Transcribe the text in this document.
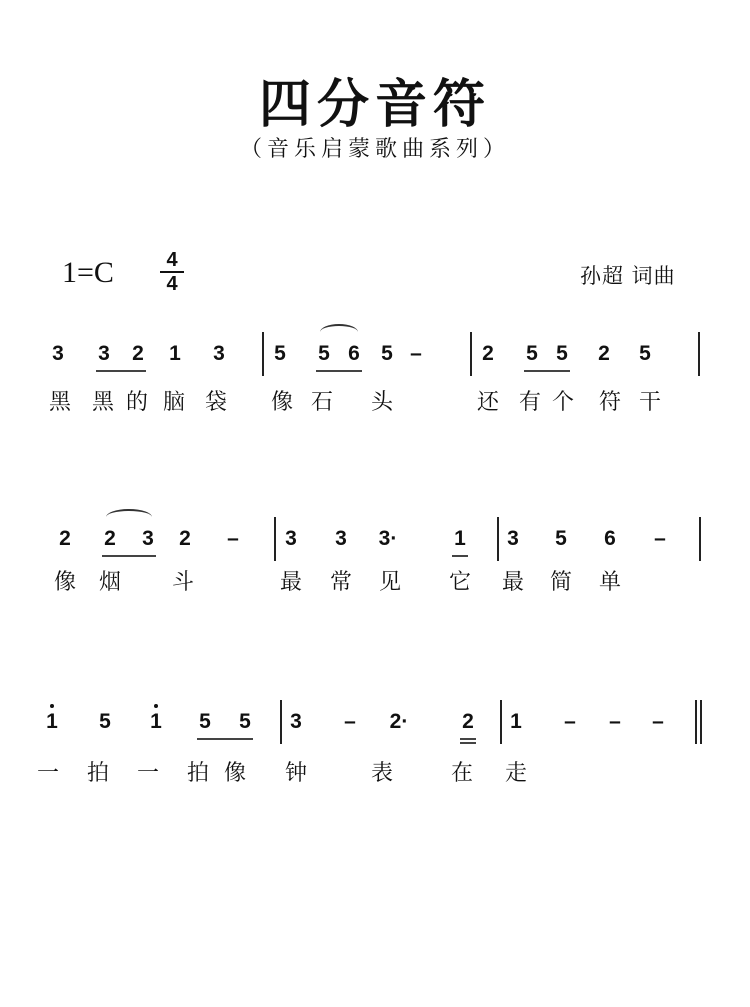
四分音符
（音乐启蒙歌曲系列）
1=C	4
4	孙超 词曲
3 3 2 1 3 5 5 6 5 –	2 5 5 2 5
黑 黑 的 脑 袋 像 石 头	还 有 个 符 干
2 2 3 2 – 3 3 3·	1 3 5 6 –
像 烟 斗	最 常 见 它 最 简 单
1 5 1 5 5 3 – 2·	2 1 – – –
一 拍 一 拍 像 钟	表	在 走
